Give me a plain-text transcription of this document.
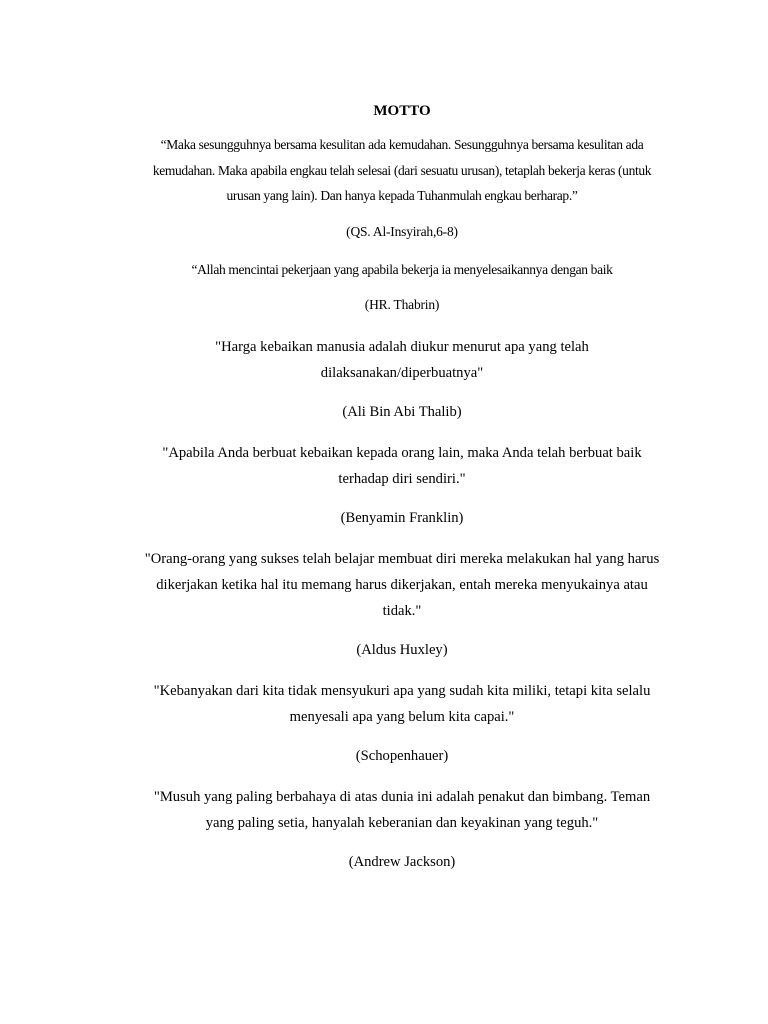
MOTTO

“Maka sesungguhnya bersama kesulitan ada kemudahan. Sesungguhnya bersama kesulitan ada kemudahan. Maka apabila engkau telah selesai (dari sesuatu urusan), tetaplah bekerja keras (untuk urusan yang lain). Dan hanya kepada Tuhanmulah engkau berharap.”

(QS. Al-Insyirah,6-8)

“Allah mencintai pekerjaan yang apabila bekerja ia menyelesaikannya dengan baik

(HR. Thabrin)

"Harga kebaikan manusia adalah diukur menurut apa yang telah dilaksanakan/diperbuatnya"

(Ali Bin Abi Thalib)

"Apabila Anda berbuat kebaikan kepada orang lain, maka Anda telah berbuat baik terhadap diri sendiri."

(Benyamin Franklin)

"Orang-orang yang sukses telah belajar membuat diri mereka melakukan hal yang harus dikerjakan ketika hal itu memang harus dikerjakan, entah mereka menyukainya atau tidak."

(Aldus Huxley)

"Kebanyakan dari kita tidak mensyukuri apa yang sudah kita miliki, tetapi kita selalu menyesali apa yang belum kita capai."

(Schopenhauer)

"Musuh yang paling berbahaya di atas dunia ini adalah penakut dan bimbang. Teman yang paling setia, hanyalah keberanian dan keyakinan yang teguh."

(Andrew Jackson)
